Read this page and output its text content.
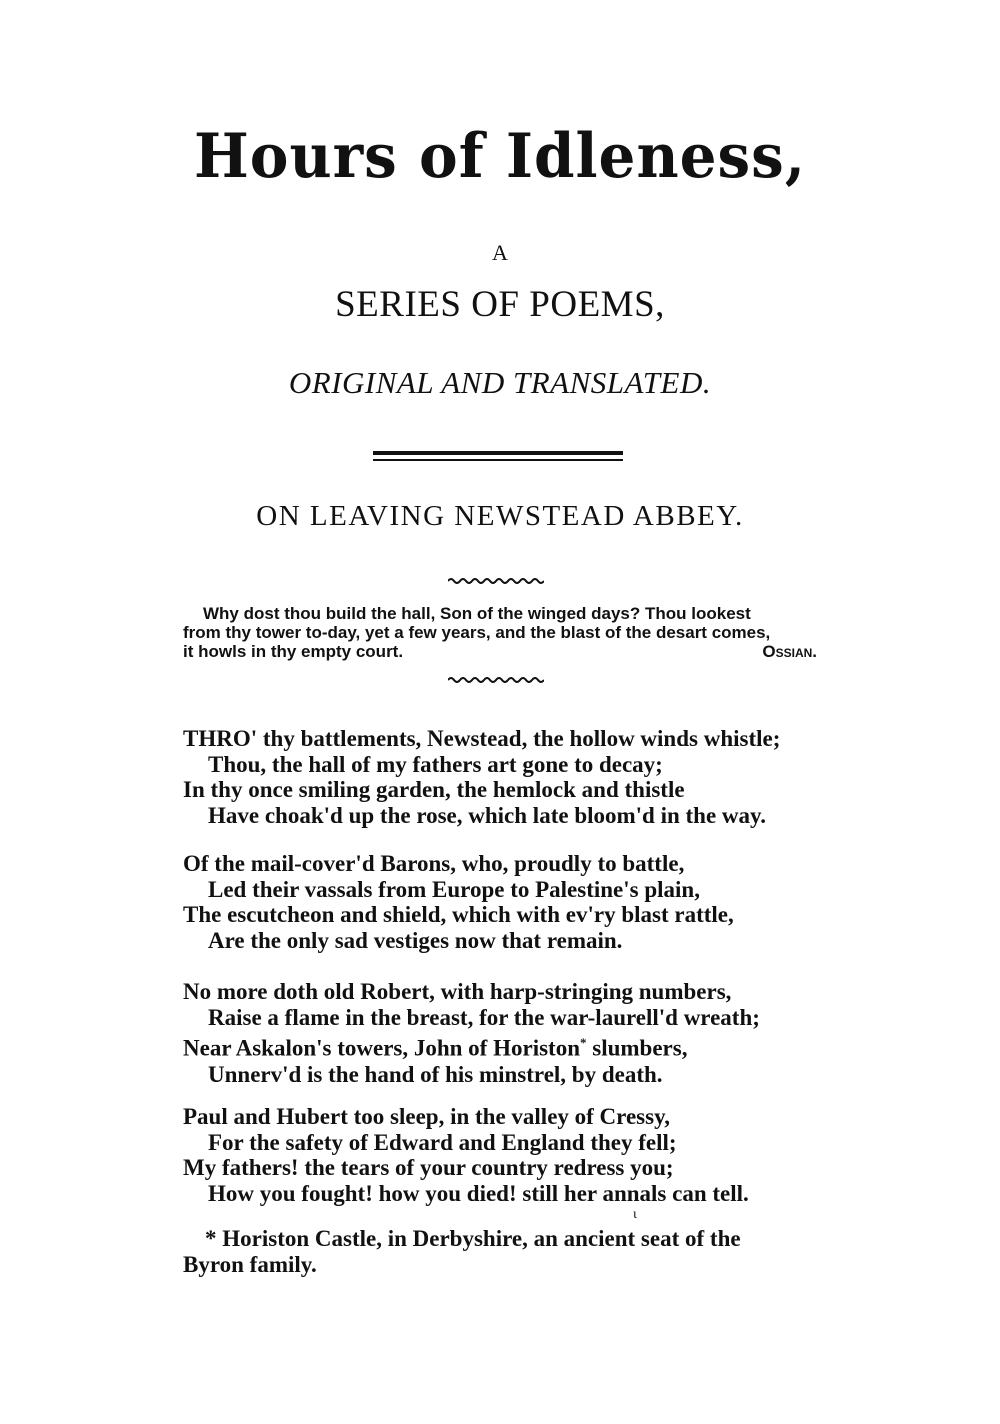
Hours of Idleness,
A
SERIES OF POEMS,
ORIGINAL AND TRANSLATED.
ON LEAVING NEWSTEAD ABBEY.
Why dost thou build the hall, Son of the winged days? Thou lookest
from thy tower to-day, yet a few years, and the blast of the desart comes,
it howls in thy empty court.	Ossian.
THRO' thy battlements, Newstead, the hollow winds whistle;
Thou, the hall of my fathers art gone to decay;
In thy once smiling garden, the hemlock and thistle
Have choak'd up the rose, which late bloom'd in the way.
Of the mail-cover'd Barons, who, proudly to battle,
Led their vassals from Europe to Palestine's plain,
The escutcheon and shield, which with ev'ry blast rattle,
Are the only sad vestiges now that remain.
No more doth old Robert, with harp-stringing numbers,
Raise a flame in the breast, for the war-laurell'd wreath;
Near Askalon's towers, John of Horiston* slumbers,
Unnerv'd is the hand of his minstrel, by death.
Paul and Hubert too sleep, in the valley of Cressy,
For the safety of Edward and England they fell;
My fathers! the tears of your country redress you;
How you fought! how you died! still her annals can tell.
ɩ
* Horiston Castle, in Derbyshire, an ancient seat of the
Byron family.
